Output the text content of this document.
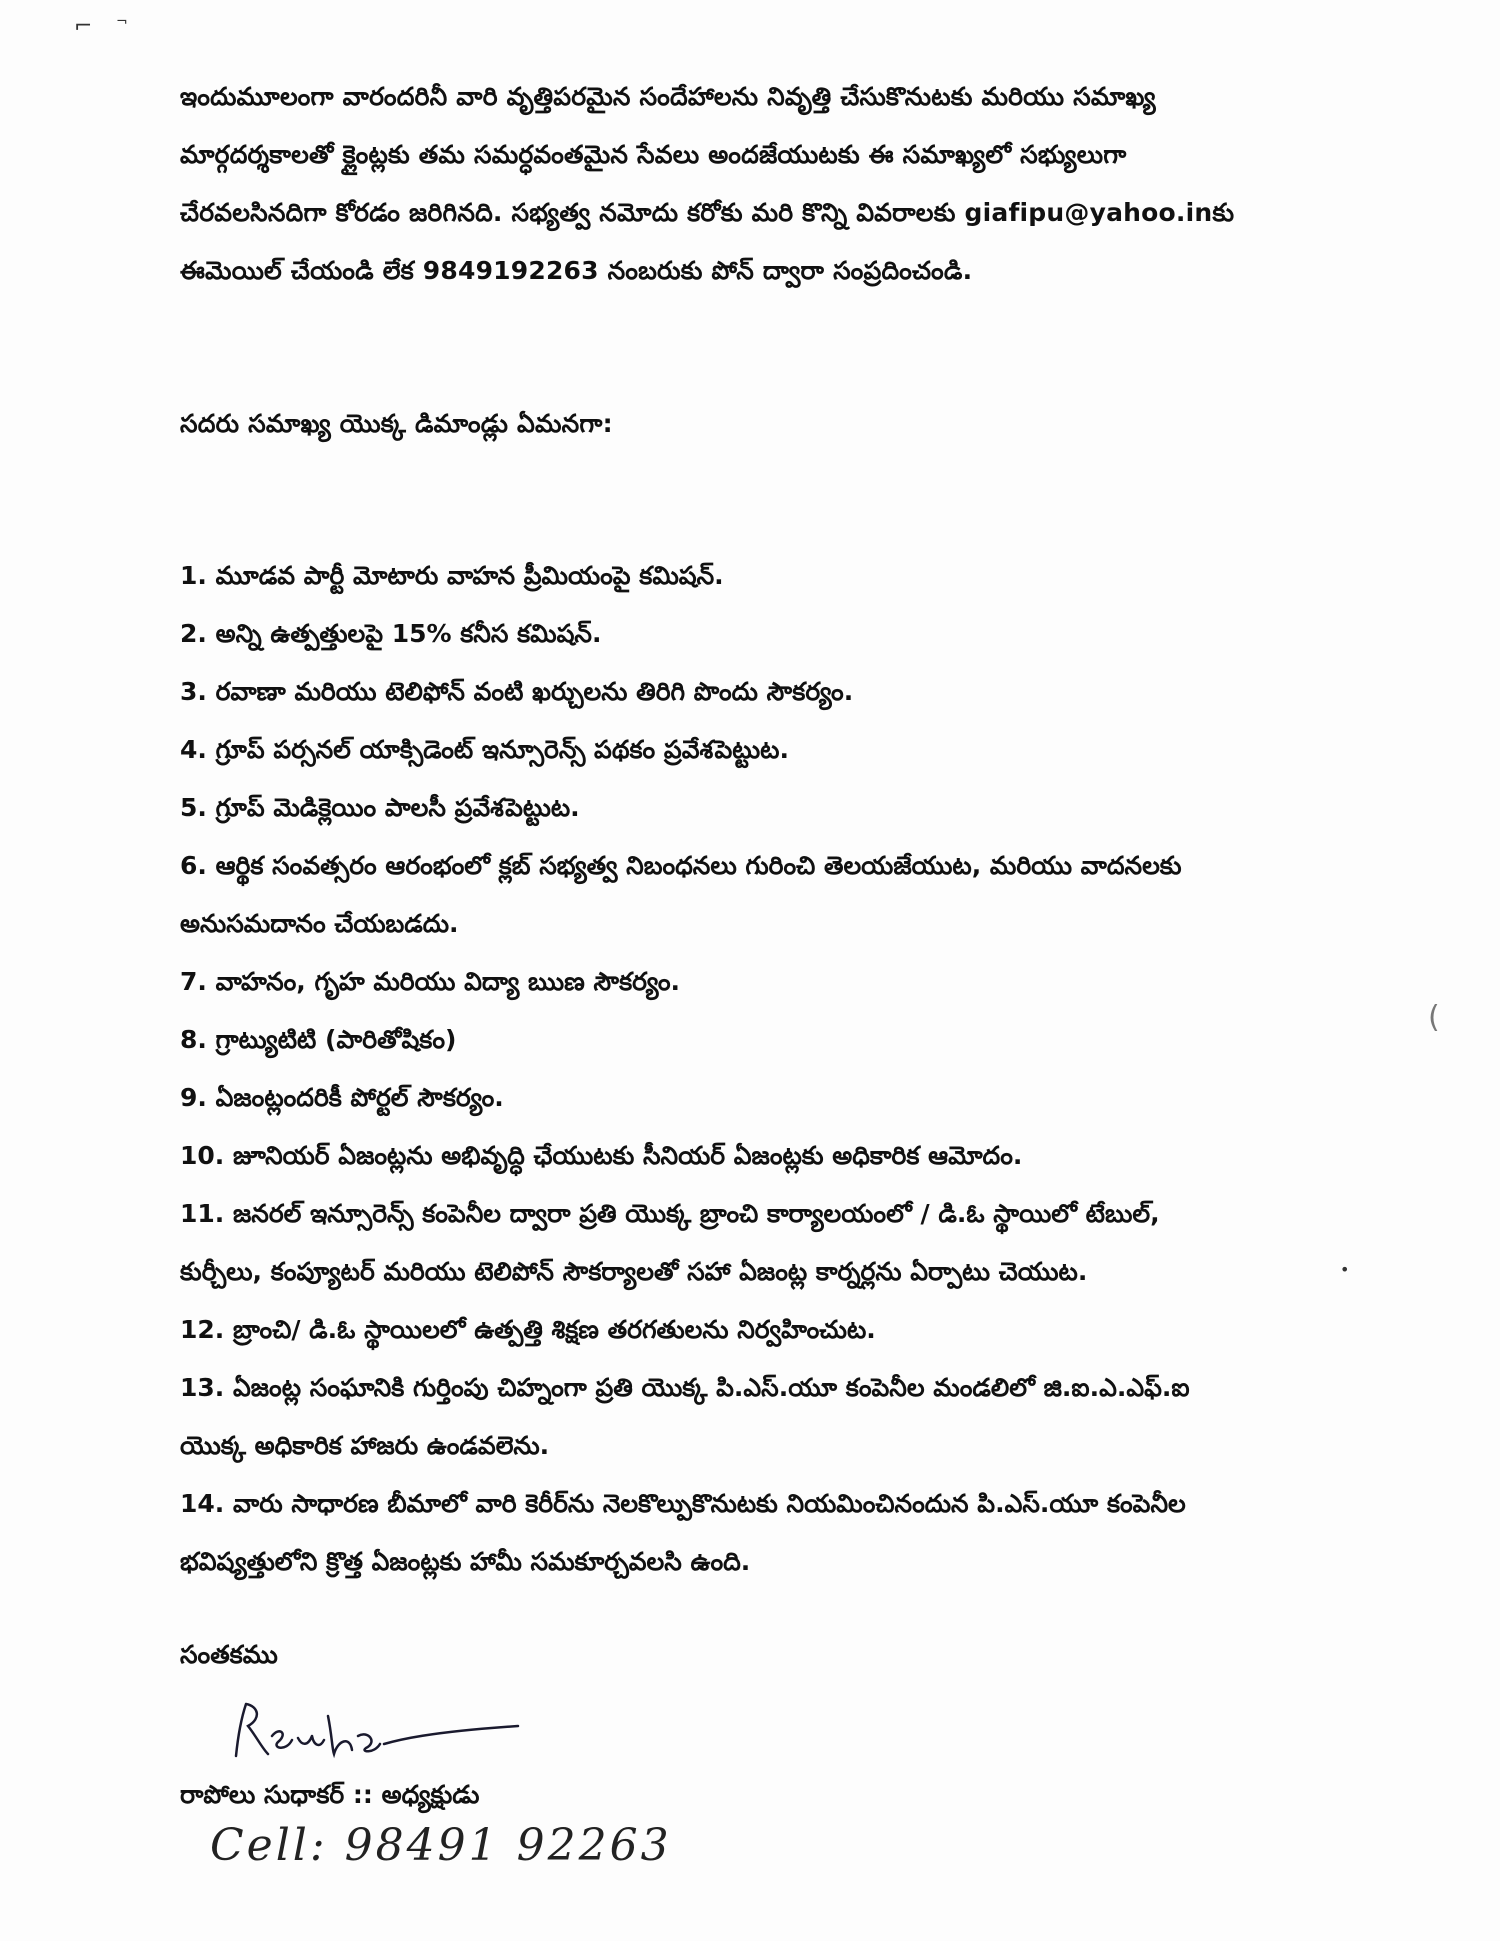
⌐ ¬

ఇందుమూలంగా వారందరినీ వారి వృత్తిపరమైన సందేహాలను నివృత్తి చేసుకొనుటకు మరియు సమాఖ్య
మార్గదర్శకాలతో క్లైంట్లకు తమ సమర్ధవంతమైన సేవలు అందజేయుటకు ఈ సమాఖ్యలో సభ్యులుగా
చేరవలసినదిగా కోరడం జరిగినది. సభ్యత్వ నమోదు కరోకు మరి కొన్ని వివరాలకు giafipu@yahoo.inకు
ఈమెయిల్ చేయండి లేక 9849192263 నంబరుకు పోన్ ద్వారా సంప్రదించండి.

సదరు సమాఖ్య యొక్క డిమాండ్లు ఏమనగా:

1. మూడవ పార్టీ మోటారు వాహన ప్రీమియంపై కమిషన్.
2. అన్ని ఉత్పత్తులపై 15% కనీస కమిషన్.
3. రవాణా మరియు టెలిఫోన్ వంటి ఖర్చులను తిరిగి పొందు సౌకర్యం.
4. గ్రూప్ పర్సనల్ యాక్సిడెంట్ ఇన్సూరెన్స్ పథకం ప్రవేశపెట్టుట.
5. గ్రూప్ మెడిక్లెయిం పాలసీ ప్రవేశపెట్టుట.
6. ఆర్థిక సంవత్సరం ఆరంభంలో క్లబ్ సభ్యత్వ నిబంధనలు గురించి తెలయజేయుట, మరియు వాదనలకు
అనుసమదానం చేయబడదు.
7. వాహనం, గృహ మరియు విద్యా ఋణ సౌకర్యం.
8. గ్రాట్యుటిటి (పారితోషికం)
9. ఏజంట్లందరికీ పోర్టల్ సౌకర్యం.
10. జూనియర్ ఏజంట్లను అభివృద్ధి ఛేయుటకు సీనియర్ ఏజంట్లకు అధికారిక ఆమోదం.
11. జనరల్ ఇన్సూరెన్స్ కంపెనీల ద్వారా ప్రతి యొక్క బ్రాంచి కార్యాలయంలో / డి.ఓ స్థాయిలో టేబుల్,
కుర్చీలు, కంప్యూటర్ మరియు టెలిపోన్ సౌకర్యాలతో సహా ఏజంట్ల కార్నర్లను ఏర్పాటు చెయుట.
12. బ్రాంచి/ డి.ఓ స్థాయిలలో ఉత్పత్తి శిక్షణ తరగతులను నిర్వహించుట.
13. ఏజంట్ల సంఘానికి గుర్తింపు చిహ్నంగా ప్రతి యొక్క పి.ఎస్.యూ కంపెనీల మండలిలో జి.ఐ.ఎ.ఎఫ్.ఐ
యొక్క అధికారిక హాజరు ఉండవలెను.
14. వారు సాధారణ బీమాలో వారి కెరీర్‌ను నెలకొల్పుకొనుటకు నియమించినందున పి.ఎస్.యూ కంపెనీల
భవిష్యత్తులోని క్రొత్త ఏజంట్లకు హామీ సమకూర్చవలసి ఉంది.
సంతకము
రాపోలు సుధాకర్ :: అధ్యక్షుడు
Cell: 98491 92263
•
(
